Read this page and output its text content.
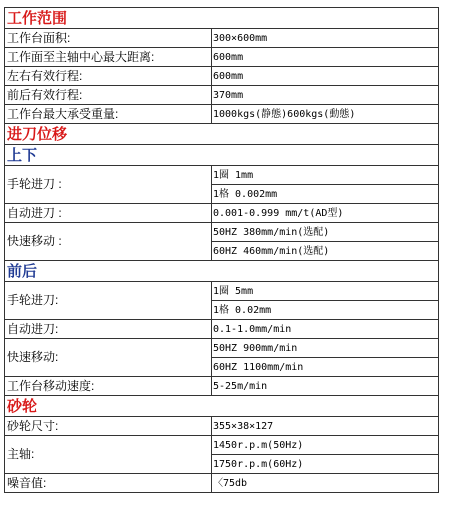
工作范围	
工作台面积:	300×600mm
工作面至主轴中心最大距离:	600mm
左右有效行程:	600mm
前后有效行程:	370mm
工作台最大承受重量:	1000kgs(静態)600kgs(動態)
进刀位移	
上下	
手轮进刀 :	1圈 1mm
	1格 0.002mm
自动进刀 :	0.001-0.999 mm/t(AD型)
快速移动 :	50HZ 380mm/min(选配)
	60HZ 460mm/min(选配)
前后	
手轮进刀:	1圈 5mm
	1格 0.02mm
自动进刀:	0.1-1.0mm/min
快速移动:	50HZ 900mm/min
	60HZ 1100mm/min
工作台移动速度:	5-25m/min
砂轮	
砂轮尺寸:	355×38×127
主轴:	1450r.p.m(50Hz)
	1750r.p.m(60Hz)
噪音值:	〈75db
